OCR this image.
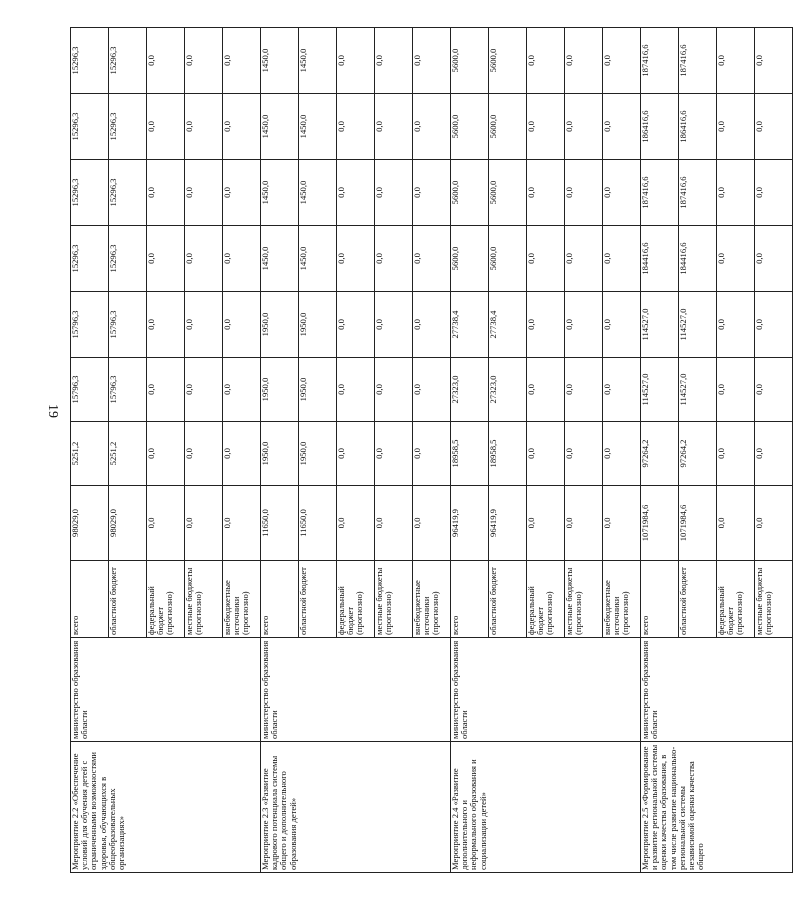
19
Мероприятие 2.2 «Обеспечение условий для обучения детей с ограниченными возможностями здоровья, обучающихся в общеобразовательных организациях»	министерство образования области	всего	98029,0	5251,2	15796,3	15796,3	15296,3	15296,3	15296,3	15296,3
		областной бюджет	98029,0	5251,2	15796,3	15796,3	15296,3	15296,3	15296,3	15296,3
		федеральный бюджет (прогнозно)	0,0	0,0	0,0	0,0	0,0	0,0	0,0	0,0
		местные бюджеты (прогнозно)	0,0	0,0	0,0	0,0	0,0	0,0	0,0	0,0
		внебюджетные источники (прогнозно)	0,0	0,0	0,0	0,0	0,0	0,0	0,0	0,0
Мероприятие 2.3 «Развитие кадрового потенциала системы общего и дополнительного образования детей»	министерство образования области	всего	11650,0	1950,0	1950,0	1950,0	1450,0	1450,0	1450,0	1450,0
		областной бюджет	11650,0	1950,0	1950,0	1950,0	1450,0	1450,0	1450,0	1450,0
		федеральный бюджет (прогнозно)	0,0	0,0	0,0	0,0	0,0	0,0	0,0	0,0
		местные бюджеты (прогнозно)	0,0	0,0	0,0	0,0	0,0	0,0	0,0	0,0
		внебюджетные источники (прогнозно)	0,0	0,0	0,0	0,0	0,0	0,0	0,0	0,0
Мероприятие 2.4 «Развитие дополнительного и неформального образования и социализации детей»	министерство образования области	всего	96419,9	18958,5	27323,0	27738,4	5600,0	5600,0	5600,0	5600,0
		областной бюджет	96419,9	18958,5	27323,0	27738,4	5600,0	5600,0	5600,0	5600,0
		федеральный бюджет (прогнозно)	0,0	0,0	0,0	0,0	0,0	0,0	0,0	0,0
		местные бюджеты (прогнозно)	0,0	0,0	0,0	0,0	0,0	0,0	0,0	0,0
		внебюджетные источники (прогнозно)	0,0	0,0	0,0	0,0	0,0	0,0	0,0	0,0
Мероприятие 2.5 «Формирование и развитие региональной системы оценки качества образования, в том числе развитие национально-региональной системы независимой оценки качества общего	министерство образования области	всего	1071984,6	97264,2	114527,0	114527,0	184416,6	187416,6	186416,6	187416,6
		областной бюджет	1071984,6	97264,2	114527,0	114527,0	184416,6	187416,6	186416,6	187416,6
		федеральный бюджет (прогнозно)	0,0	0,0	0,0	0,0	0,0	0,0	0,0	0,0
		местные бюджеты (прогнозно)	0,0	0,0	0,0	0,0	0,0	0,0	0,0	0,0
